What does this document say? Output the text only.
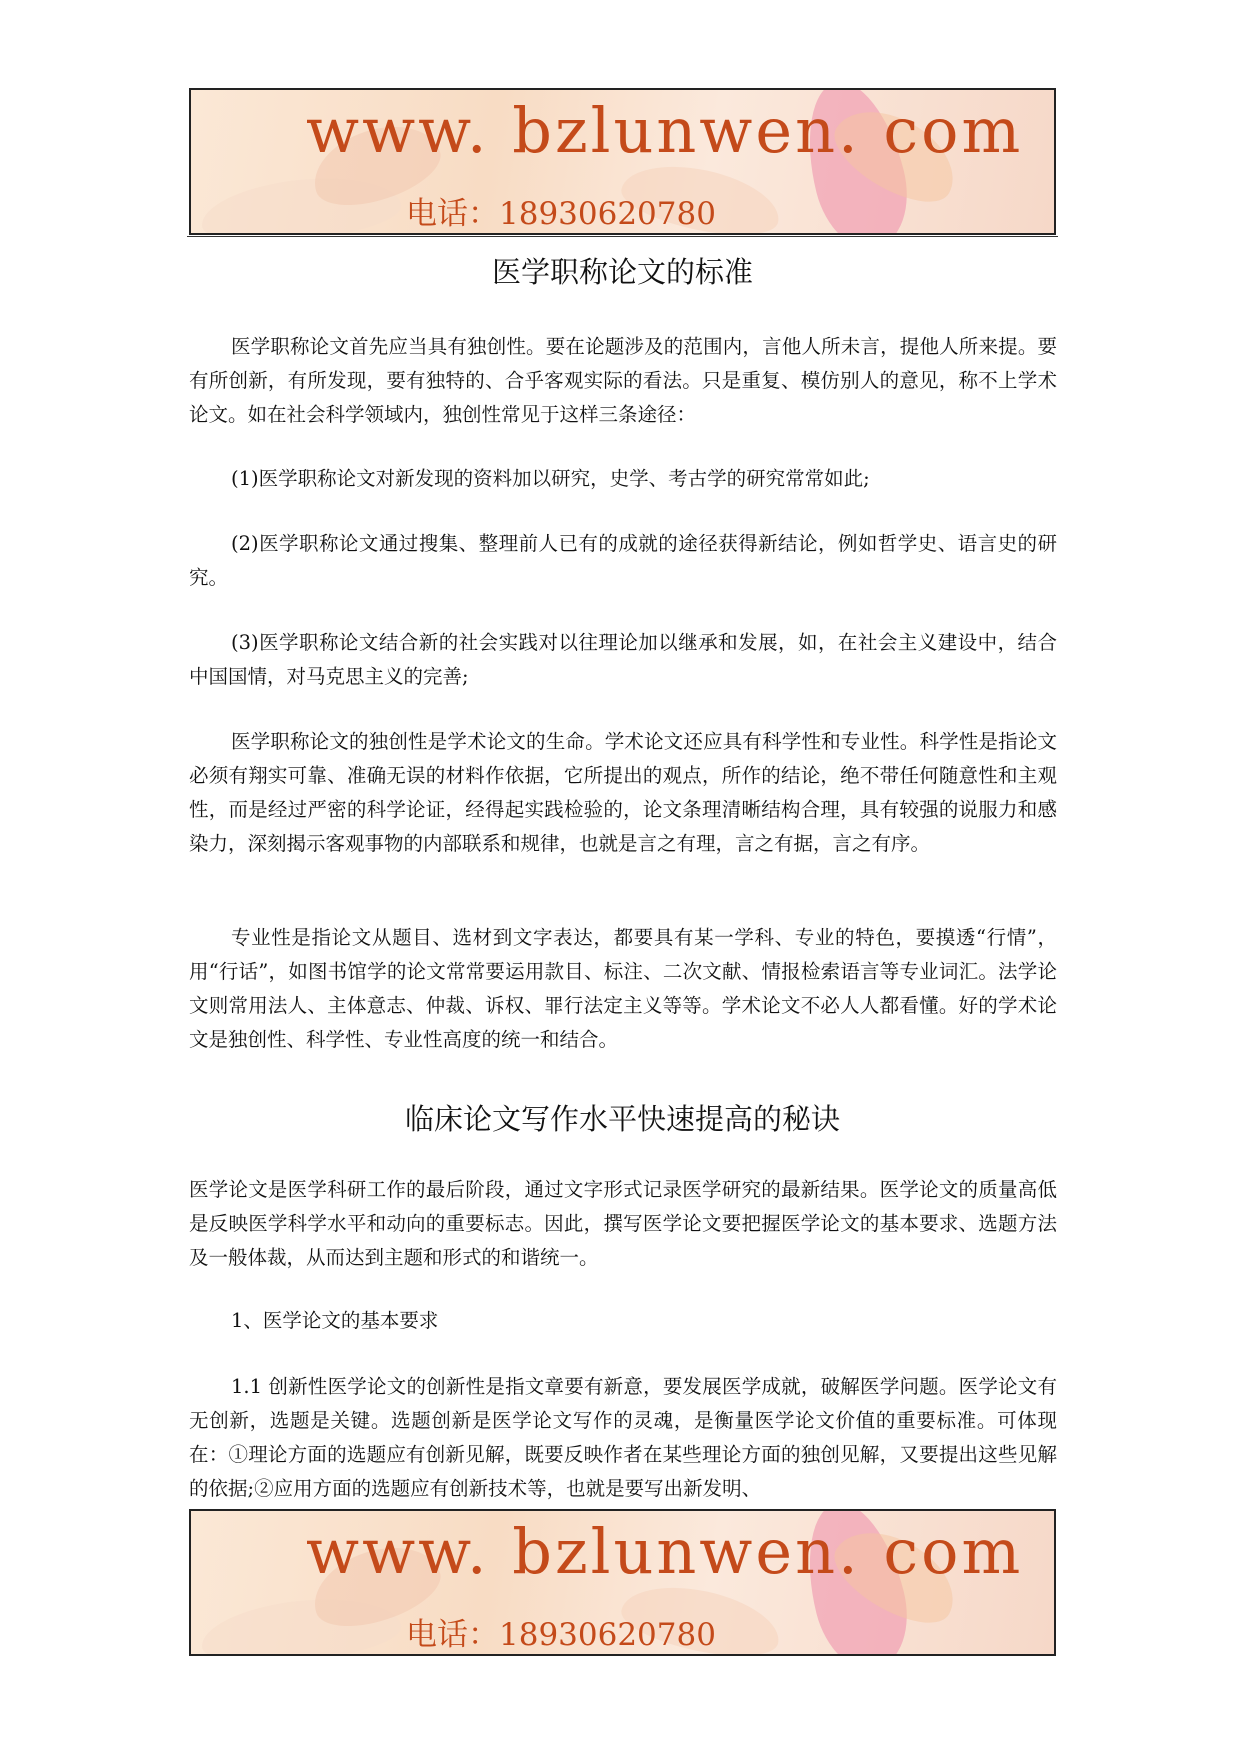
www. bzlunwen. com
电话：18930620780
医学职称论文的标准

医学职称论文首先应当具有独创性。要在论题涉及的范围内，言他人所未言，提他人所来提。要有所创新，有所发现，要有独特的、合乎客观实际的看法。只是重复、模仿别人的意见，称不上学术论文。如在社会科学领域内，独创性常见于这样三条途径：

(1)医学职称论文对新发现的资料加以研究，史学、考古学的研究常常如此;

(2)医学职称论文通过搜集、整理前人已有的成就的途径获得新结论，例如哲学史、语言史的研究。

(3)医学职称论文结合新的社会实践对以往理论加以继承和发展，如，在社会主义建设中，结合中国国情，对马克思主义的完善;

医学职称论文的独创性是学术论文的生命。学术论文还应具有科学性和专业性。科学性是指论文必须有翔实可靠、准确无误的材料作依据，它所提出的观点，所作的结论，绝不带任何随意性和主观性，而是经过严密的科学论证，经得起实践检验的，论文条理清晰结构合理，具有较强的说服力和感染力，深刻揭示客观事物的内部联系和规律，也就是言之有理，言之有据，言之有序。

专业性是指论文从题目、选材到文字表达，都要具有某一学科、专业的特色，要摸透“行情”，用“行话”，如图书馆学的论文常常要运用款目、标注、二次文献、情报检索语言等专业词汇。法学论文则常用法人、主体意志、仲裁、诉权、罪行法定主义等等。学术论文不必人人都看懂。好的学术论文是独创性、科学性、专业性高度的统一和结合。

临床论文写作水平快速提高的秘诀

医学论文是医学科研工作的最后阶段，通过文字形式记录医学研究的最新结果。医学论文的质量高低是反映医学科学水平和动向的重要标志。因此，撰写医学论文要把握医学论文的基本要求、选题方法及一般体裁，从而达到主题和形式的和谐统一。

1、医学论文的基本要求

1.1 创新性医学论文的创新性是指文章要有新意，要发展医学成就，破解医学问题。医学论文有无创新，选题是关键。选题创新是医学论文写作的灵魂，是衡量医学论文价值的重要标准。可体现在：①理论方面的选题应有创新见解，既要反映作者在某些理论方面的独创见解，又要提出这些见解的依据;②应用方面的选题应有创新技术等，也就是要写出新发明、

www. bzlunwen. com
电话：18930620780
